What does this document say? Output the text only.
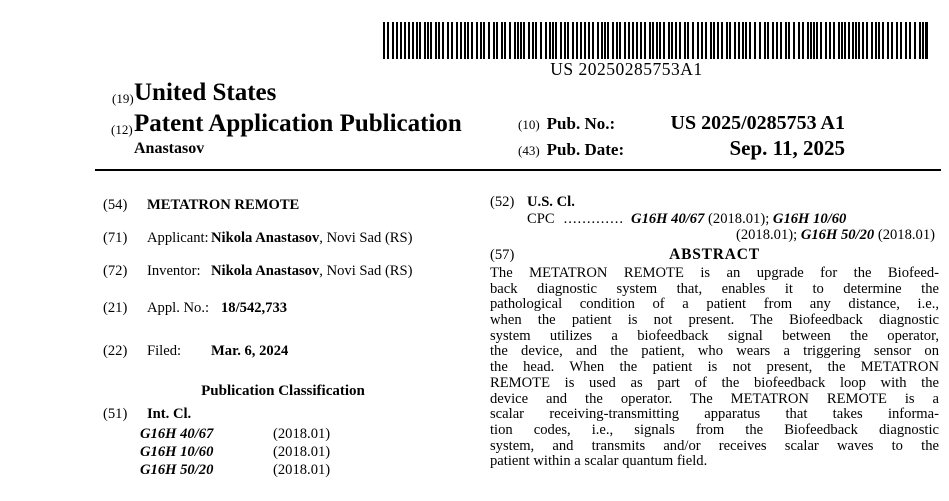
US 20250285753A1
(19) United States
(12) Patent Application Publication
Anastasov
(10) Pub. No.:	US 2025/0285753 A1
(43) Pub. Date:	Sep. 11, 2025
(54) METATRON REMOTE
(71) Applicant: Nikola Anastasov, Novi Sad (RS)
(72) Inventor: Nikola Anastasov, Novi Sad (RS)
(21) Appl. No.: 18/542,733
(22) Filed: Mar. 6, 2024
Publication Classification
(51) Int. Cl.
G16H 40/67	(2018.01)
G16H 10/60	(2018.01)
G16H 50/20	(2018.01)
(52) U.S. Cl.
CPC ............. G16H 40/67 (2018.01); G16H 10/60
(2018.01); G16H 50/20 (2018.01)
(57)	ABSTRACT
The METATRON REMOTE is an upgrade for the Biofeed-
back diagnostic system that, enables it to determine the
pathological condition of a patient from any distance, i.e.,
when the patient is not present. The Biofeedback diagnostic
system utilizes a biofeedback signal between the operator,
the device, and the patient, who wears a triggering sensor on
the head. When the patient is not present, the METATRON
REMOTE is used as part of the biofeedback loop with the
device and the operator. The METATRON REMOTE is a
scalar receiving-transmitting apparatus that takes informa-
tion codes, i.e., signals from the Biofeedback diagnostic
system, and transmits and/or receives scalar waves to the
patient within a scalar quantum field.
